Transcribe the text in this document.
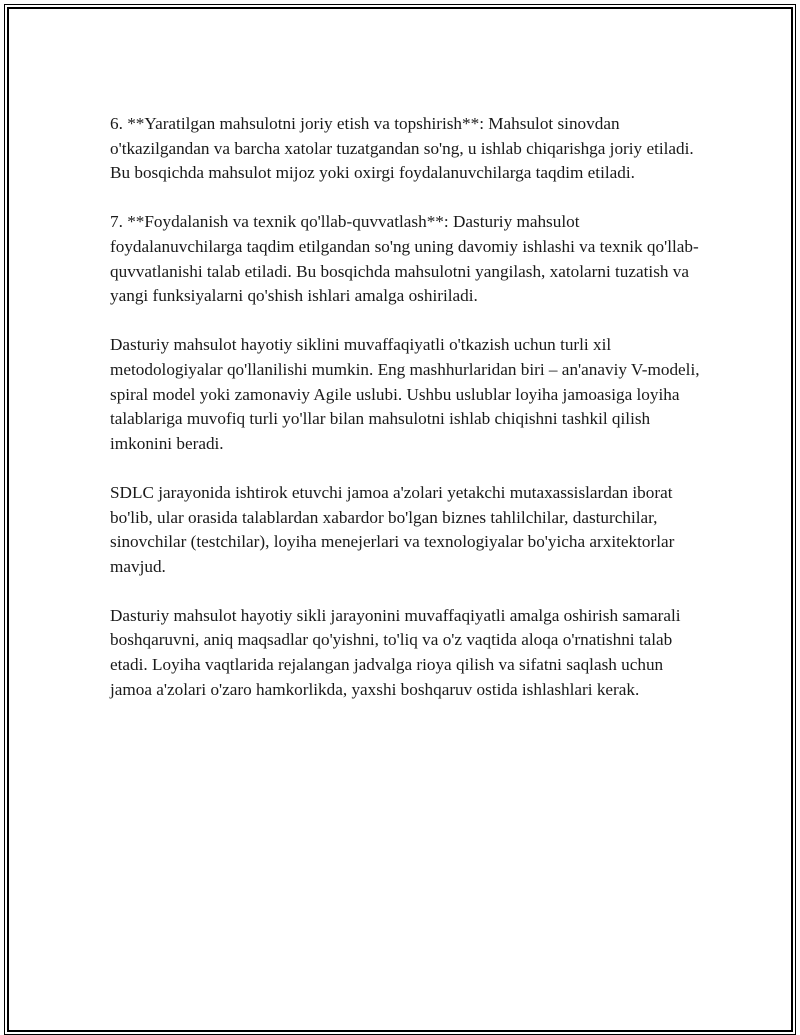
6. **Yaratilgan mahsulotni joriy etish va topshirish**: Mahsulot sinovdan o'tkazilgandan va barcha xatolar tuzatgandan so'ng, u ishlab chiqarishga joriy etiladi. Bu bosqichda mahsulot mijoz yoki oxirgi foydalanuvchilarga taqdim etiladi.

7. **Foydalanish va texnik qo'llab-quvvatlash**: Dasturiy mahsulot foydalanuvchilarga taqdim etilgandan so'ng uning davomiy ishlashi va texnik qo'llab-quvvatlanishi talab etiladi. Bu bosqichda mahsulotni yangilash, xatolarni tuzatish va yangi funksiyalarni qo'shish ishlari amalga oshiriladi.

Dasturiy mahsulot hayotiy siklini muvaffaqiyatli o'tkazish uchun turli xil metodologiyalar qo'llanilishi mumkin. Eng mashhurlaridan biri – an'anaviy V-modeli, spiral model yoki zamonaviy Agile uslubi. Ushbu uslublar loyiha jamoasiga loyiha talablariga muvofiq turli yo'llar bilan mahsulotni ishlab chiqishni tashkil qilish imkonini beradi.

SDLC jarayonida ishtirok etuvchi jamoa a'zolari yetakchi mutaxassislardan iborat bo'lib, ular orasida talablardan xabardor bo'lgan biznes tahlilchilar, dasturchilar, sinovchilar (testchilar), loyiha menejerlari va texnologiyalar bo'yicha arxitektorlar mavjud.

Dasturiy mahsulot hayotiy sikli jarayonini muvaffaqiyatli amalga oshirish samarali boshqaruvni, aniq maqsadlar qo'yishni, to'liq va o'z vaqtida aloqa o'rnatishni talab etadi. Loyiha vaqtlarida rejalangan jadvalga rioya qilish va sifatni saqlash uchun jamoa a'zolari o'zaro hamkorlikda, yaxshi boshqaruv ostida ishlashlari kerak.
